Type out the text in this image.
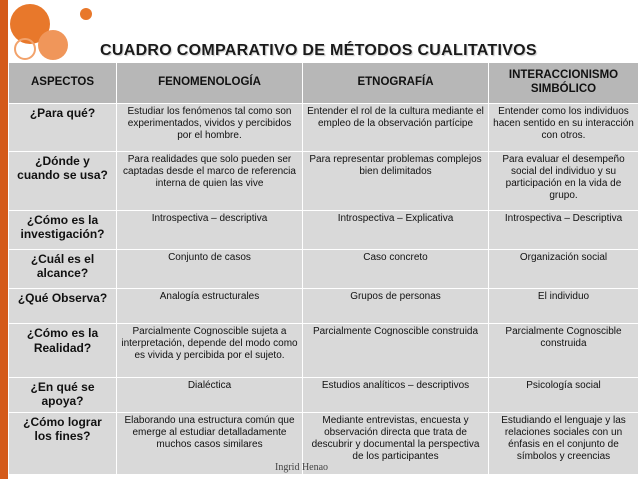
CUADRO COMPARATIVO DE MÉTODOS CUALITATIVOS
ASPECTOS	FENOMENOLOGÍA	ETNOGRAFÍA	INTERACCIONISMO SIMBÓLICO
¿Para qué?	Estudiar los fenómenos tal como son experimentados, vividos y percibidos por el hombre.	Entender el rol de la cultura mediante el empleo de la observación partícipe	Entender como los individuos hacen sentido en su interacción con otros.
¿Dónde y cuando se usa?	Para realidades que solo pueden ser captadas desde el marco de referencia interna de quien las vive	Para representar problemas complejos bien delimitados	Para evaluar el desempeño social del individuo y su participación en la vida de grupo.
¿Cómo es la investigación?	Introspectiva – descriptiva	Introspectiva – Explicativa	Introspectiva – Descriptiva
¿Cuál es el alcance?	Conjunto de casos	Caso concreto	Organización social
¿Qué Observa?	Analogía estructurales	Grupos de personas	El individuo
¿Cómo es la Realidad?	Parcialmente Cognoscible sujeta a interpretación, depende del modo como es vivida y percibida por el sujeto.	Parcialmente Cognoscible construida	Parcialmente Cognoscible construida
¿En qué se apoya?	Dialéctica	Estudios analíticos – descriptivos	Psicología social
¿Cómo lograr los fines?	Elaborando una estructura común que emerge al estudiar detalladamente muchos casos similares	Mediante entrevistas, encuesta y observación directa que trata de descubrir y documental la perspectiva de los participantes	Estudiando el lenguaje y las relaciones sociales con un énfasis en el conjunto de símbolos y creencias
Ingrid Henao
